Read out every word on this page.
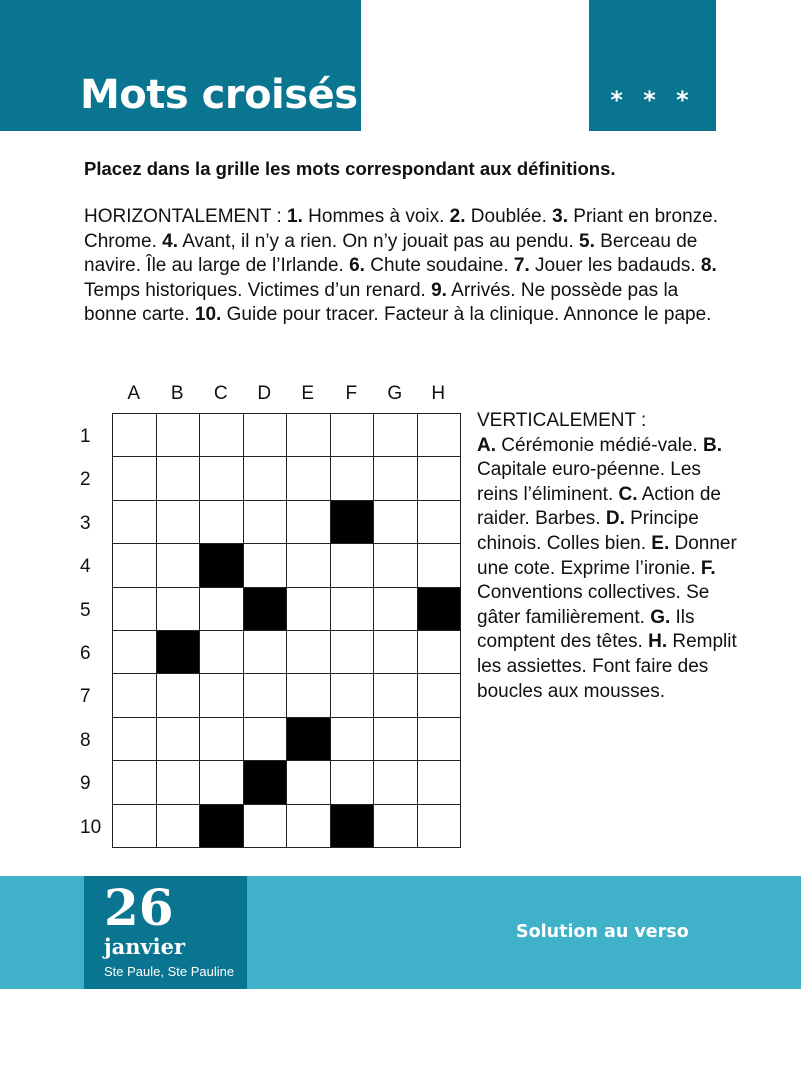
Mots croisés	* * *
Placez dans la grille les mots correspondant aux définitions.
HORIZONTALEMENT : 1. Hommes à voix. 2. Doublée. 3. Priant en bronze. Chrome. 4. Avant, il n’y a rien. On n’y jouait pas au pendu. 5. Berceau de navire. Île au large de l’Irlande. 6. Chute soudaine. 7. Jouer les badauds. 8. Temps historiques. Victimes d’un renard. 9. Arrivés. Ne possède pas la bonne carte. 10. Guide pour tracer. Facteur à la clinique. Annonce le pape.
A	B	C	D	E	F	G	H
1
2
3
4
5
6
7
8
9
10
VERTICALEMENT :
A. Cérémonie médié-vale. B. Capitale euro-péenne. Les reins l’éliminent. C. Action de raider. Barbes. D. Principe chinois. Colles bien. E. Donner une cote. Exprime l’ironie. F. Conventions collectives. Se gâter familièrement. G. Ils comptent des têtes. H. Remplit les assiettes. Font faire des boucles aux mousses.
26
janvier
Ste Paule, Ste Pauline
Solution au verso
